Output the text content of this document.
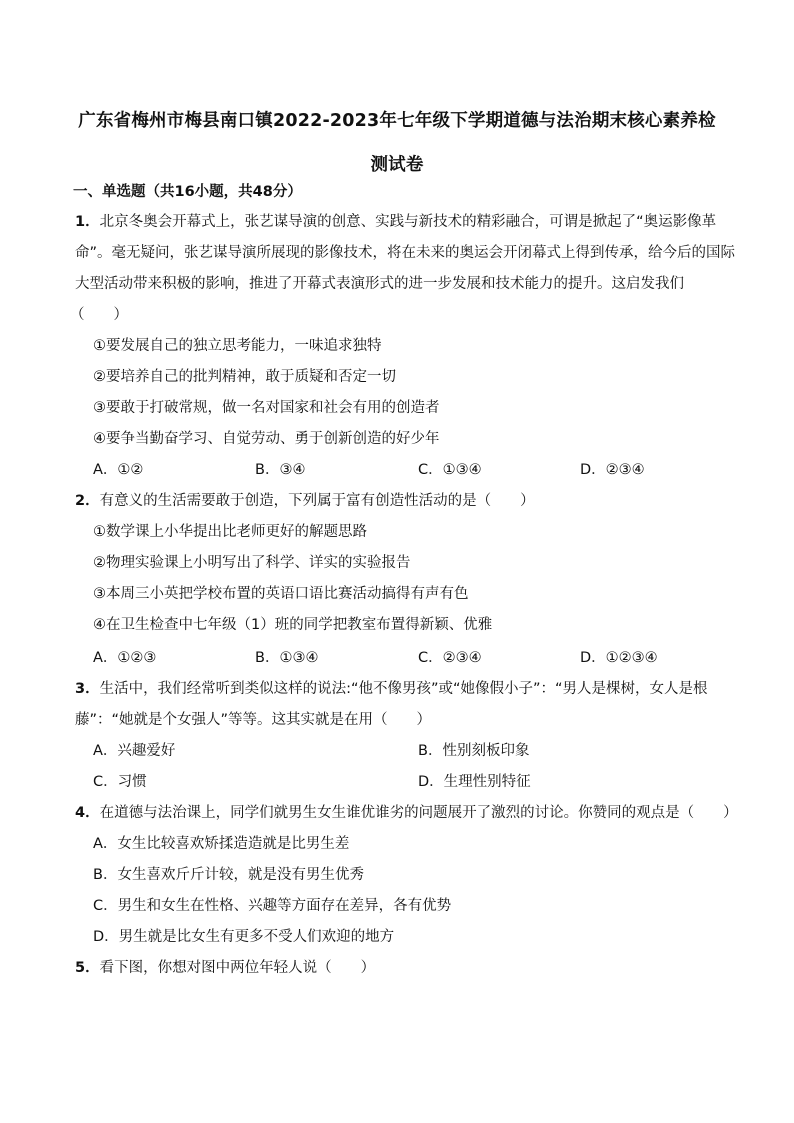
广东省梅州市梅县南口镇2022-2023年七年级下学期道德与法治期末核心素养检
测试卷
一、单选题（共16小题，共48分）
1．北京冬奥会开幕式上，张艺谋导演的创意、实践与新技术的精彩融合，可谓是掀起了“奥运影像革
命”。毫无疑问，张艺谋导演所展现的影像技术，将在未来的奥运会开闭幕式上得到传承，给今后的国际
大型活动带来积极的影响，推进了开幕式表演形式的进一步发展和技术能力的提升。这启发我们
（　　）
①要发展自己的独立思考能力，一味追求独特
②要培养自己的批判精神，敢于质疑和否定一切
③要敢于打破常规，做一名对国家和社会有用的创造者
④要争当勤奋学习、自觉劳动、勇于创新创造的好少年
A．①②	B．③④	C．①③④	D．②③④
2．有意义的生活需要敢于创造，下列属于富有创造性活动的是（　　）
①数学课上小华提出比老师更好的解题思路
②物理实验课上小明写出了科学、详实的实验报告
③本周三小英把学校布置的英语口语比赛活动搞得有声有色
④在卫生检查中七年级（1）班的同学把教室布置得新颖、优雅
A．①②③	B．①③④	C．②③④	D．①②③④
3．生活中，我们经常听到类似这样的说法:“他不像男孩”或“她像假小子”：“男人是棵树，女人是根
藤”：“她就是个女强人”等等。这其实就是在用（　　）
A．兴趣爱好	B．性别刻板印象
C．习惯	D．生理性别特征
4．在道德与法治课上，同学们就男生女生谁优谁劣的问题展开了激烈的讨论。你赞同的观点是（　　）
A．女生比较喜欢矫揉造造就是比男生差
B．女生喜欢斤斤计较，就是没有男生优秀
C．男生和女生在性格、兴趣等方面存在差异，各有优势
D．男生就是比女生有更多不受人们欢迎的地方
5．看下图，你想对图中两位年轻人说（　　）
